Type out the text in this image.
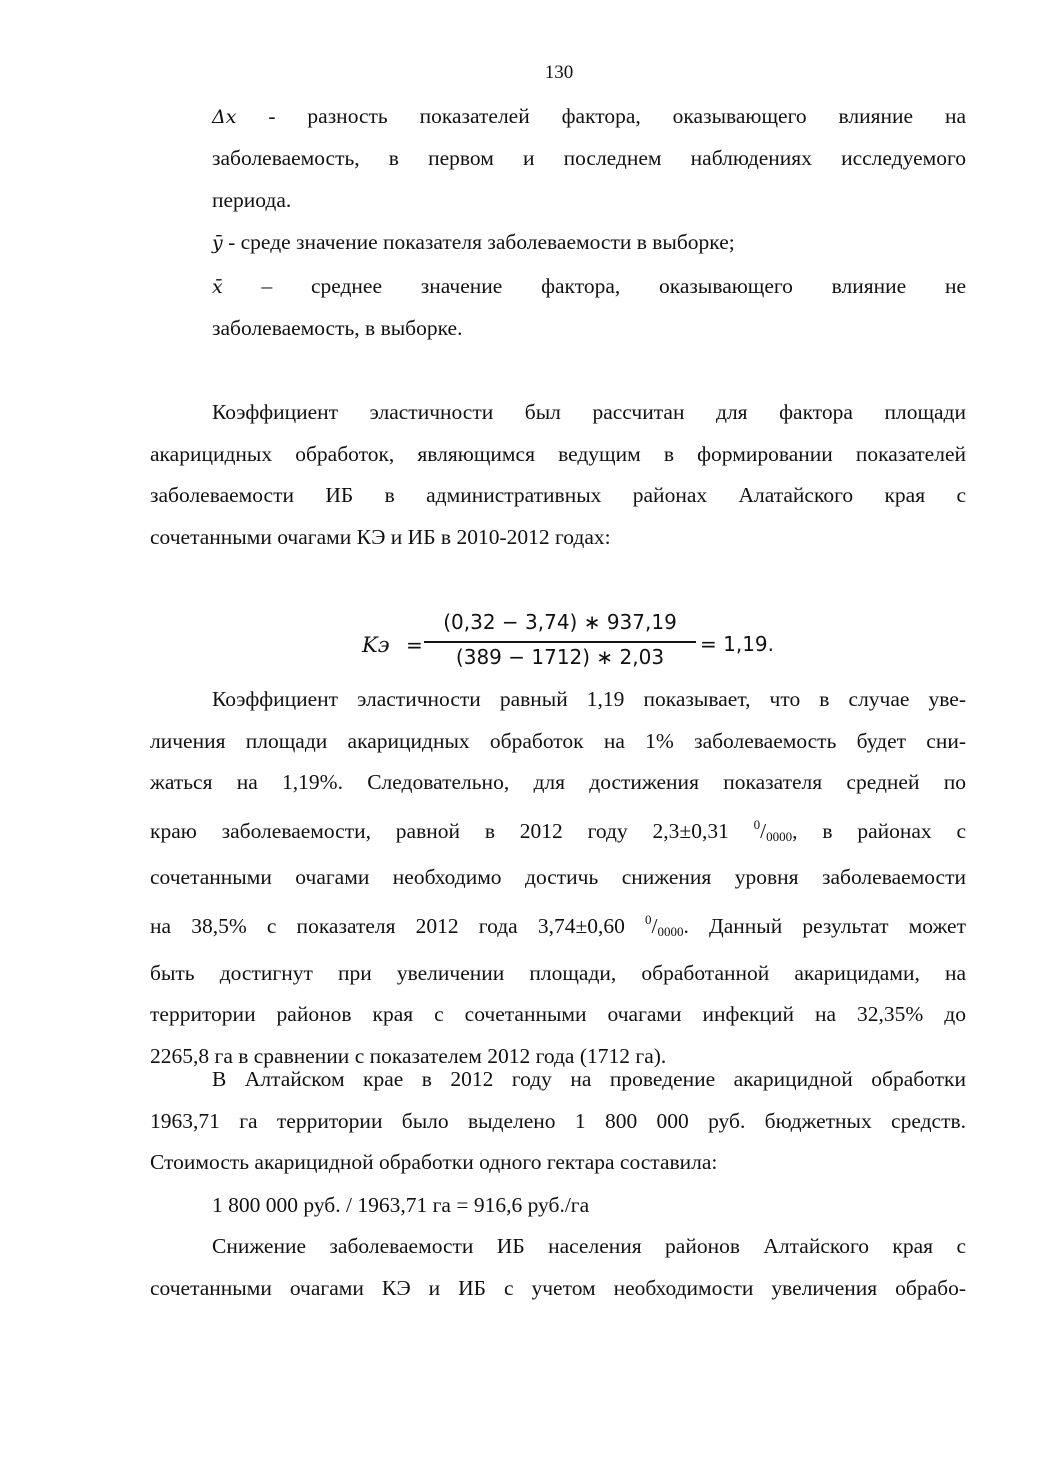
130
Δ𝑥 - разность показателей фактора, оказывающего влияние на
заболеваемость, в первом и последнем наблюдениях исследуемого
периода.
ȳ - среде значение показателя заболеваемости в выборке;
x̄ – среднее значение фактора, оказывающего влияние не
заболеваемость, в выборке.
Коэффициент эластичности был рассчитан для фактора площади
акарицидных обработок, являющимся ведущим в формировании показателей
заболеваемости ИБ в административных районах Алатайского края с
сочетанными очагами КЭ и ИБ в 2010-2012 годах:
Kэ =
(0,32 − 3,74) ∗ 937,19
(389 − 1712) ∗ 2,03
= 1,19.
Коэффициент эластичности равный 1,19 показывает, что в случае уве-
личения площади акарицидных обработок на 1% заболеваемость будет сни-
жаться на 1,19%. Следовательно, для достижения показателя средней по
краю заболеваемости, равной в 2012 году 2,3±0,31 $^0/_{0000}$, в районах с
сочетанными очагами необходимо достичь снижения уровня заболеваемости
на 38,5% с показателя 2012 года 3,74±0,60 $^0/_{0000}$. Данный результат может
быть достигнут при увеличении площади, обработанной акарицидами, на
территории районов края с сочетанными очагами инфекций на 32,35% до
2265,8 га в сравнении с показателем 2012 года (1712 га).
В Алтайском крае в 2012 году на проведение акарицидной обработки
1963,71 га территории было выделено 1 800 000 руб. бюджетных средств.
Стоимость акарицидной обработки одного гектара составила:
1 800 000 руб. / 1963,71 га = 916,6 руб./га
Снижение заболеваемости ИБ населения районов Алтайского края с
сочетанными очагами КЭ и ИБ с учетом необходимости увеличения обрабо-
